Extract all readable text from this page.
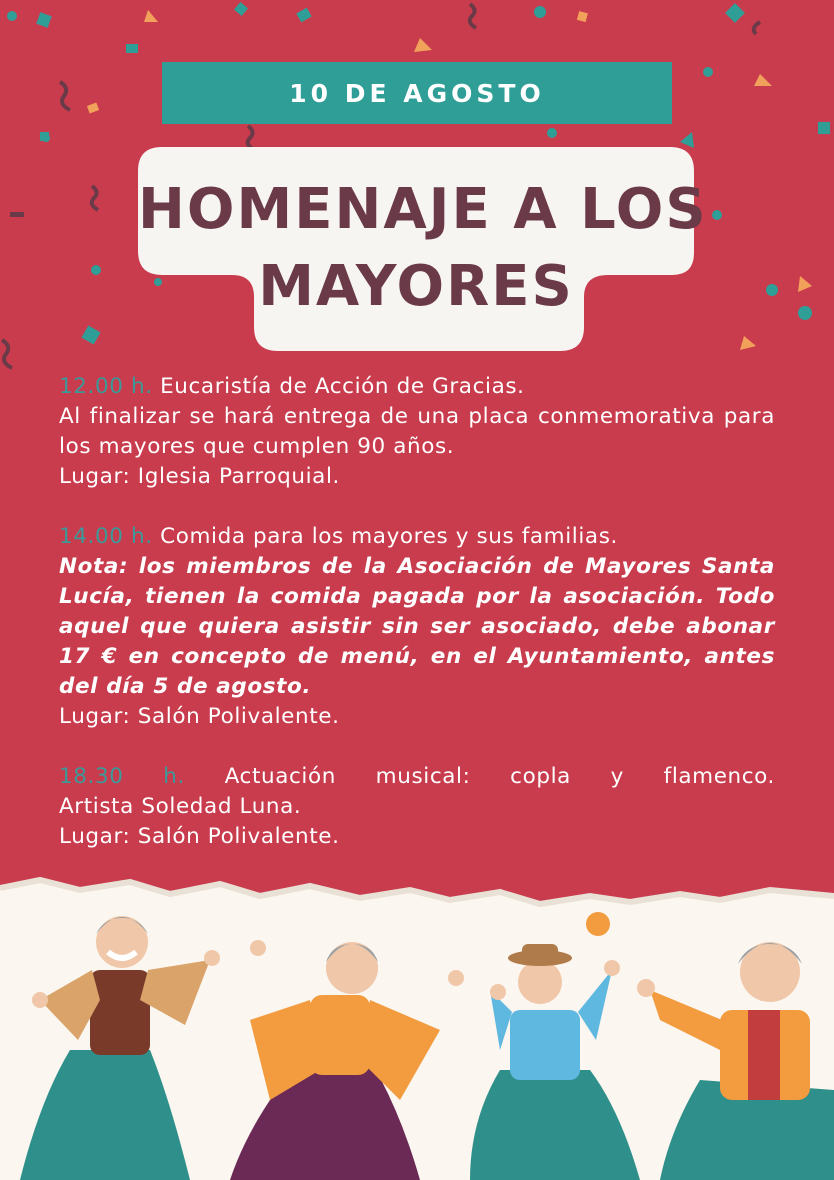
10 DE AGOSTO
HOMENAJE A LOS
MAYORES

12.00 h. Eucaristía de Acción de Gracias.

Al finalizar se hará entrega de una placa conmemorativa para los mayores que cumplen 90 años.

Lugar: Iglesia Parroquial.

14.00 h. Comida para los mayores y sus familias.

Nota: los miembros de la Asociación de Mayores Santa Lucía, tienen la comida pagada por la asociación. Todo aquel que quiera asistir sin ser asociado, debe abonar 17 € en concepto de menú, en el Ayuntamiento, antes del día 5 de agosto.

Lugar: Salón Polivalente.

18.30 h. Actuación musical: copla y flamenco.

Artista Soledad Luna.

Lugar: Salón Polivalente.
